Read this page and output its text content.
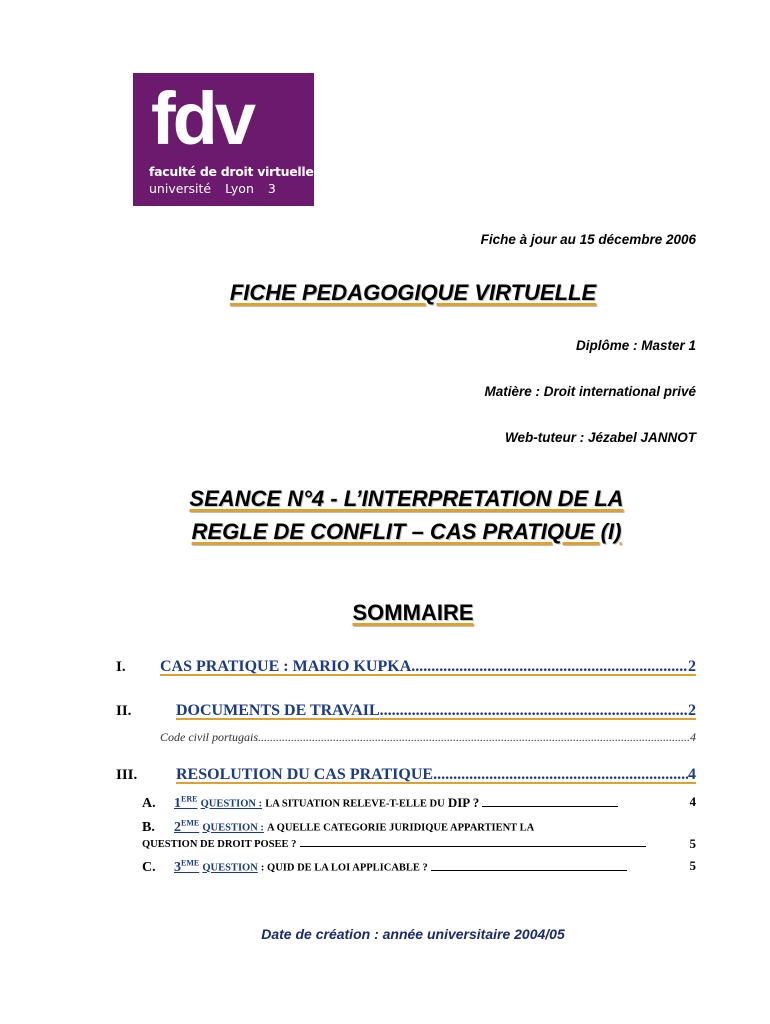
fdv
faculté de droit virtuelle
université Lyon 3
Fiche à jour au 15 décembre 2006
FICHE PEDAGOGIQUE VIRTUELLE
Diplôme : Master 1
Matière : Droit international privé
Web-tuteur : Jézabel JANNOT
SEANCE N°4 - L’INTERPRETATION DE LA
REGLE DE CONFLIT – CAS PRATIQUE (I)
SOMMAIRE
I.	CAS PRATIQUE : MARIO KUPKA .....	2
II.	DOCUMENTS DE TRAVAIL .....	2
Code civil portugais .....	4
III.	RESOLUTION DU CAS PRATIQUE .....	4
A. 1ERE QUESTION : LA SITUATION RELEVE-T-ELLE DU DIP ?	4
B. 2EME QUESTION : A QUELLE CATEGORIE JURIDIQUE APPARTIENT LA
QUESTION DE DROIT POSEE ?	5
C. 3EME QUESTION : QUID DE LA LOI APPLICABLE ?	5
Date de création : année universitaire 2004/05
